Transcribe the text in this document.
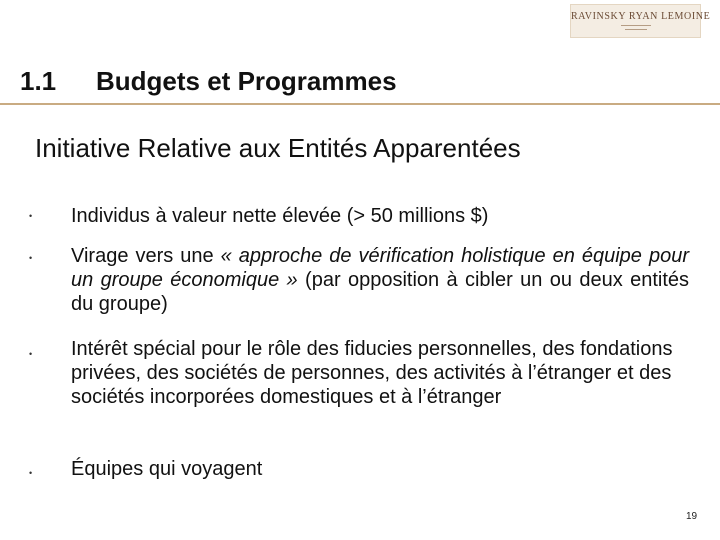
RAVINSKY RYAN LEMOINE
1.1 Budgets et Programmes
Initiative Relative aux Entités Apparentées
• Individus à valeur nette élevée (> 50 millions $)
• Virage vers une « approche de vérification holistique en équipe pour un groupe économique » (par opposition à cibler un ou deux entités du groupe)
• Intérêt spécial pour le rôle des fiducies personnelles, des fondations privées, des sociétés de personnes, des activités à l’étranger et des sociétés incorporées domestiques et à l’étranger
• Équipes qui voyagent
19
